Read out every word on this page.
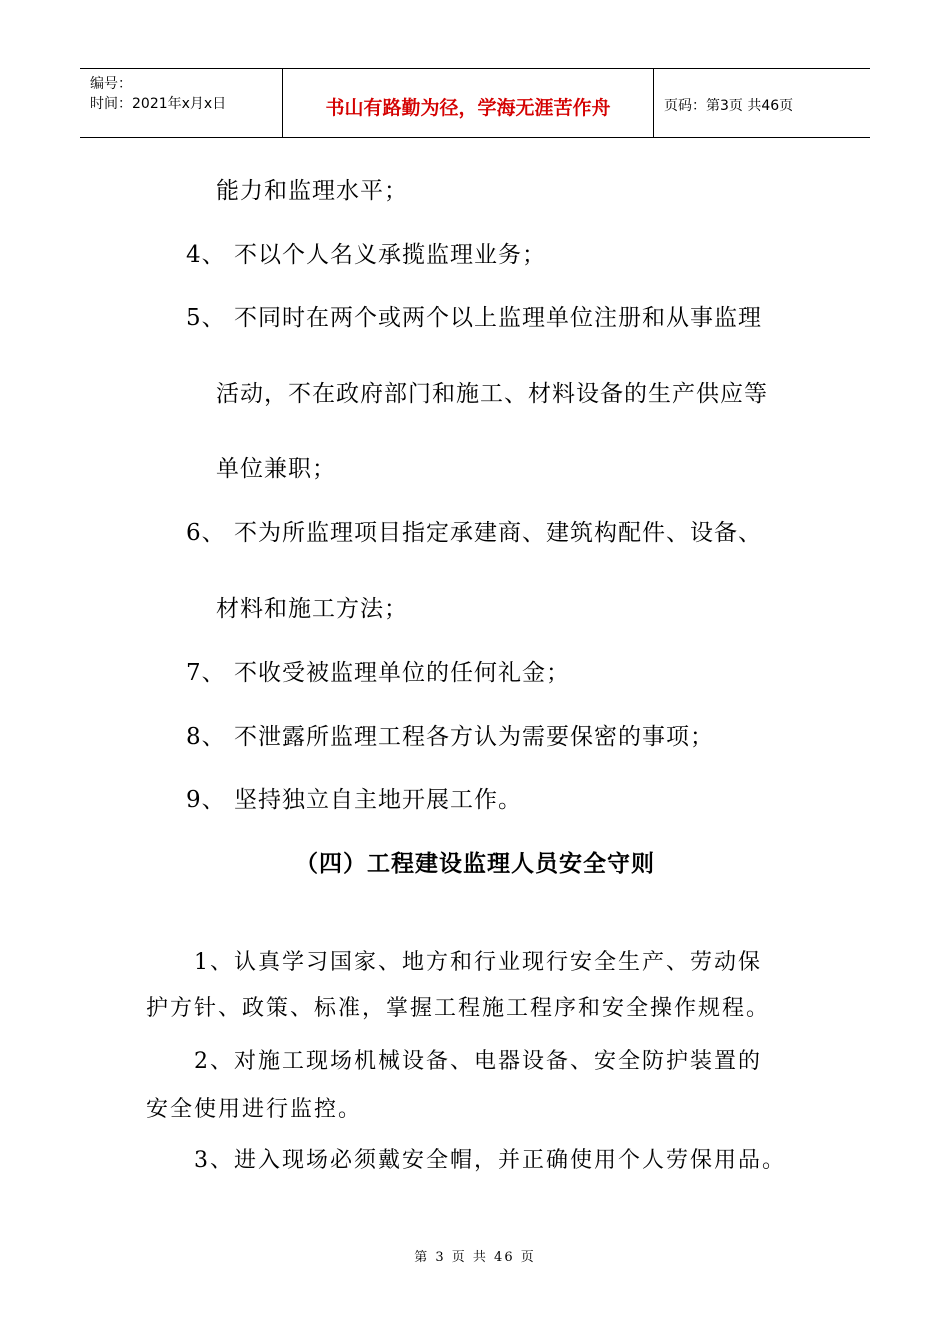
编号：
时间：2021年x月x日	书山有路勤为径，学海无涯苦作舟	页码：第3页 共46页
能力和监理水平；
4、 不以个人名义承揽监理业务；
5、 不同时在两个或两个以上监理单位注册和从事监理
活动，不在政府部门和施工、材料设备的生产供应等
单位兼职；
6、 不为所监理项目指定承建商、建筑构配件、设备、
材料和施工方法；
7、 不收受被监理单位的任何礼金；
8、 不泄露所监理工程各方认为需要保密的事项；
9、 坚持独立自主地开展工作。
（四）工程建设监理人员安全守则
1、认真学习国家、地方和行业现行安全生产、劳动保
护方针、政策、标准，掌握工程施工程序和安全操作规程。
2、对施工现场机械设备、电器设备、安全防护装置的
安全使用进行监控。
3、进入现场必须戴安全帽，并正确使用个人劳保用品。
第 3 页 共 46 页
